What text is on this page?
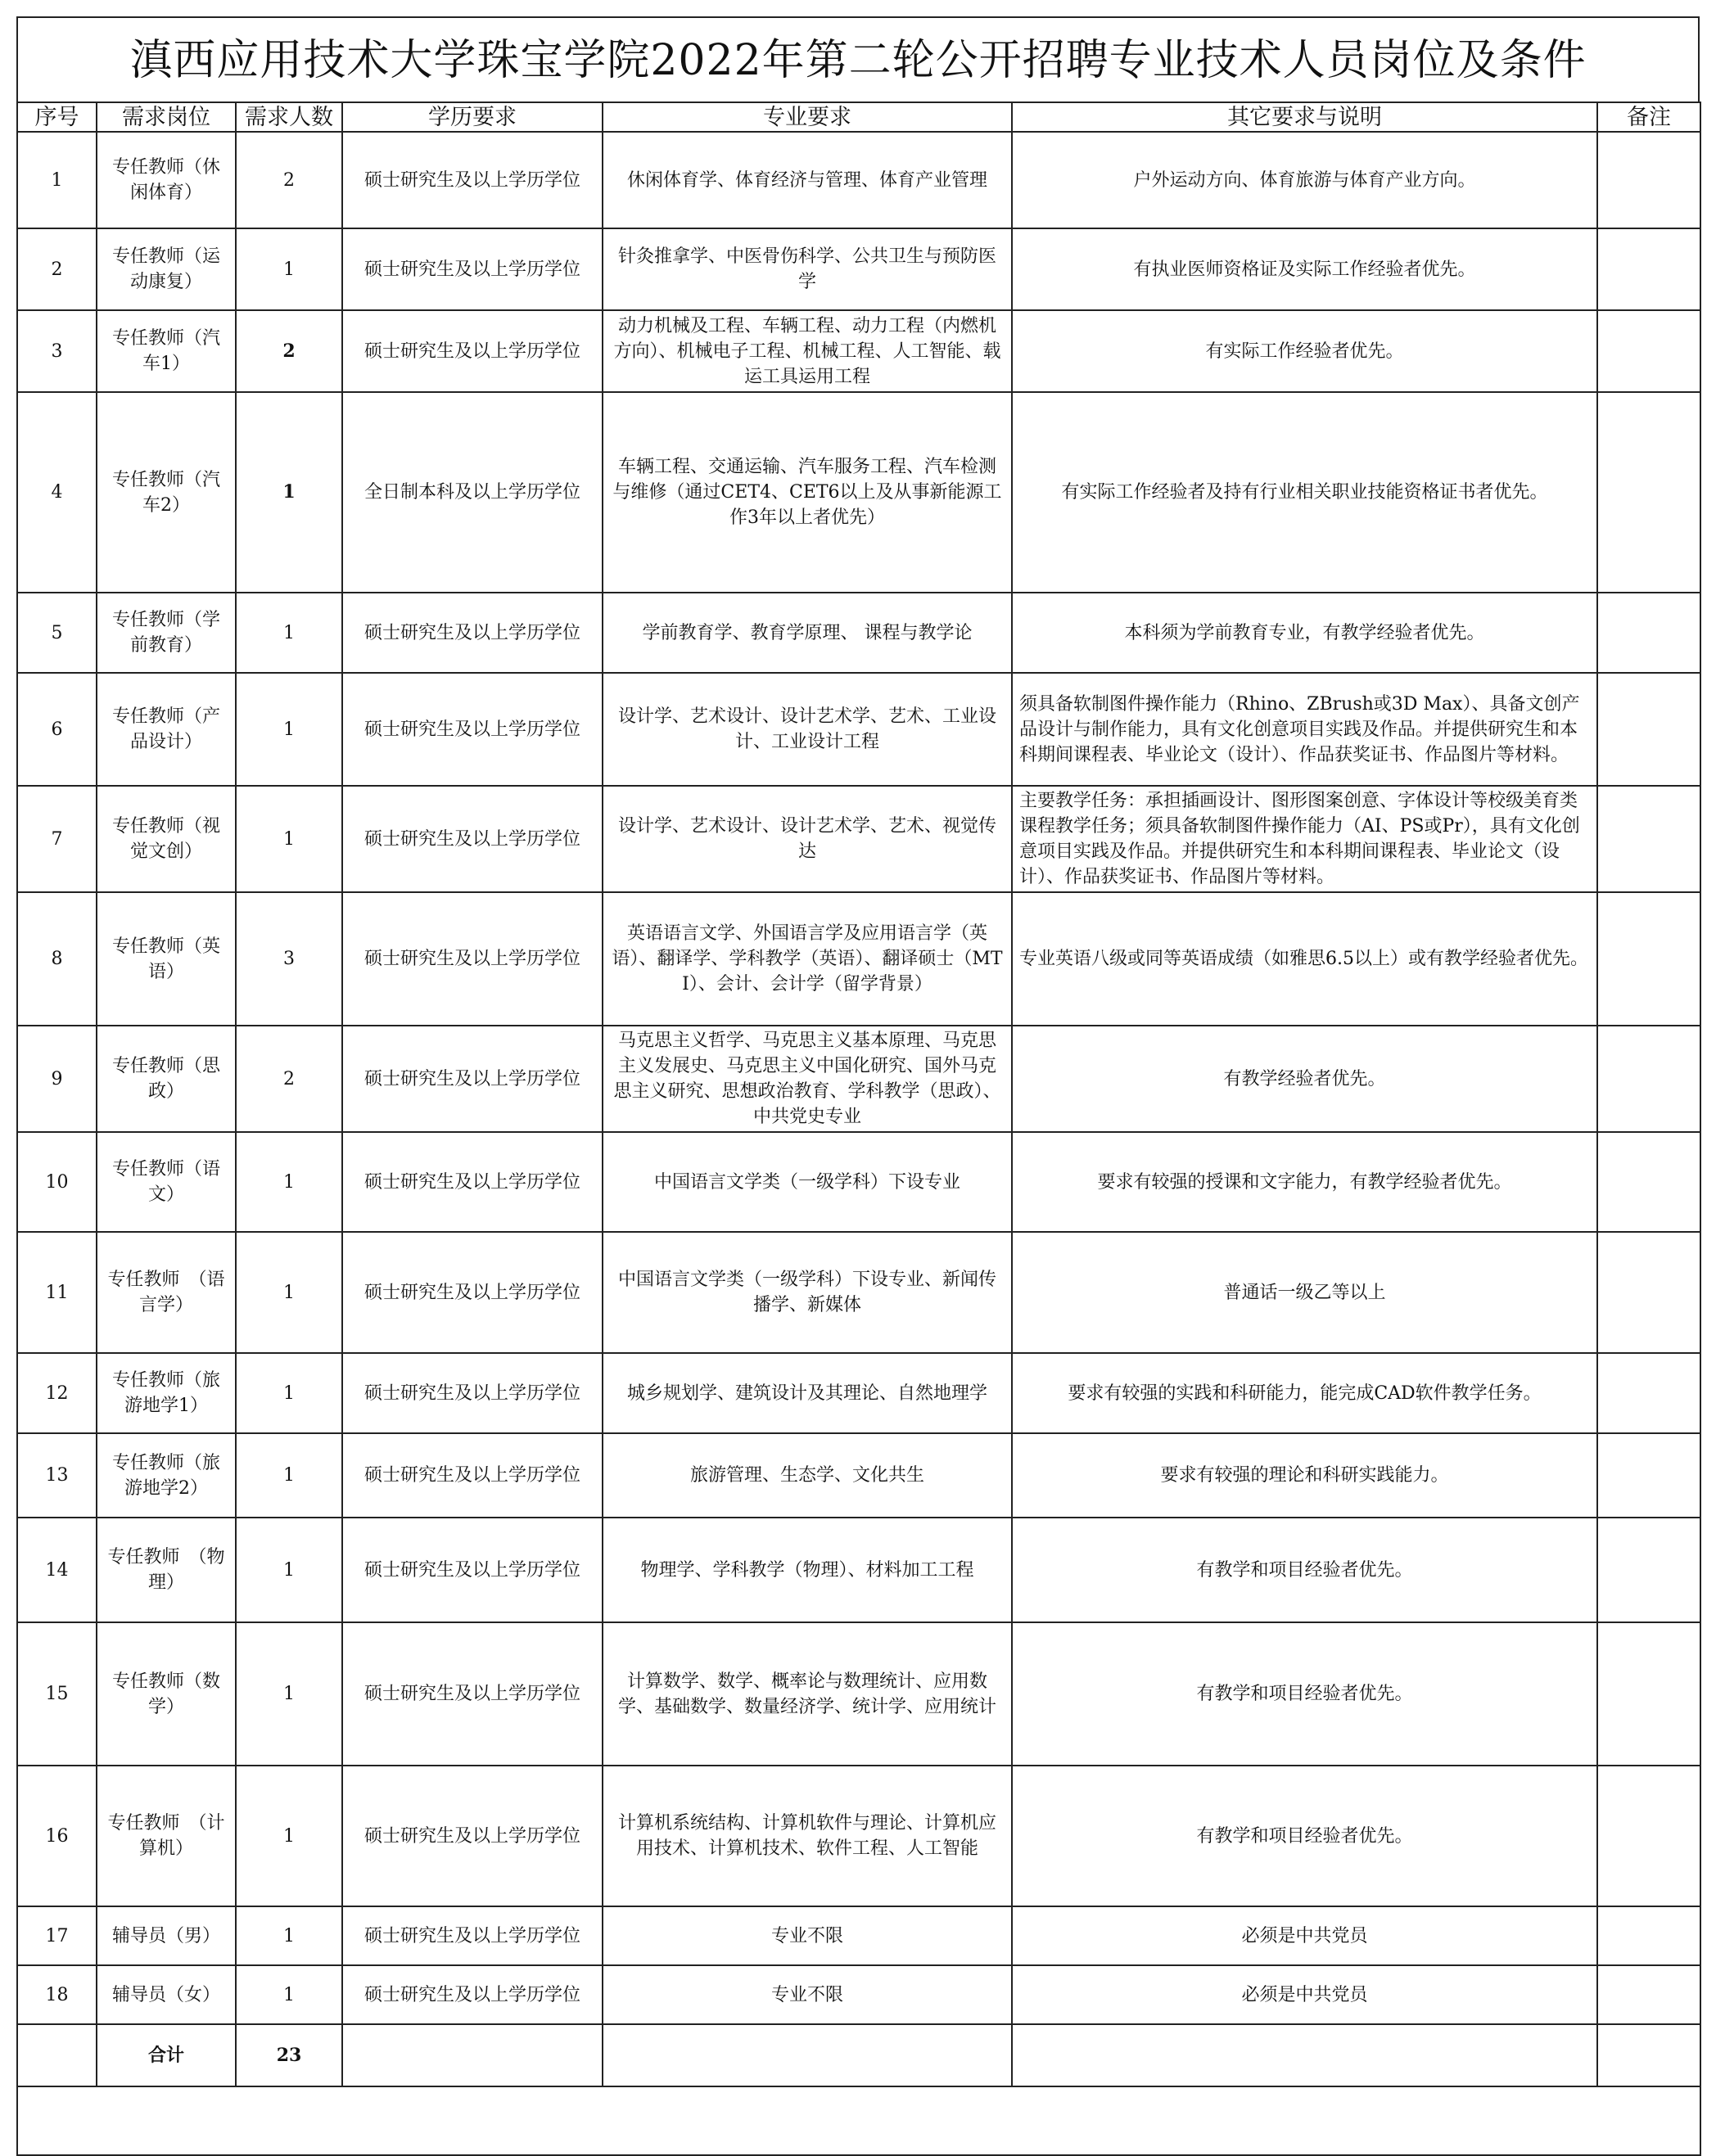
滇西应用技术大学珠宝学院2022年第二轮公开招聘专业技术人员岗位及条件
序号	需求岗位	需求人数	学历要求	专业要求	其它要求与说明	备注
1	专任教师（休闲体育）	2	硕士研究生及以上学历学位	休闲体育学、体育经济与管理、体育产业管理	户外运动方向、体育旅游与体育产业方向。	
2	专任教师（运动康复）	1	硕士研究生及以上学历学位	针灸推拿学、中医骨伤科学、公共卫生与预防医学	有执业医师资格证及实际工作经验者优先。	
3	专任教师（汽车1）	2	硕士研究生及以上学历学位	动力机械及工程、车辆工程、动力工程（内燃机方向）、机械电子工程、机械工程、人工智能、载运工具运用工程	有实际工作经验者优先。	
4	专任教师（汽车2）	1	全日制本科及以上学历学位	车辆工程、交通运输、汽车服务工程、汽车检测与维修（通过CET4、CET6以上及从事新能源工作3年以上者优先）	有实际工作经验者及持有行业相关职业技能资格证书者优先。	
5	专任教师（学前教育）	1	硕士研究生及以上学历学位	学前教育学、教育学原理、 课程与教学论	本科须为学前教育专业，有教学经验者优先。	
6	专任教师（产品设计）	1	硕士研究生及以上学历学位	设计学、艺术设计、设计艺术学、艺术、工业设计、工业设计工程	须具备软制图件操作能力（Rhino、ZBrush或3D Max）、具备文创产品设计与制作能力，具有文化创意项目实践及作品。并提供研究生和本科期间课程表、毕业论文（设计）、作品获奖证书、作品图片等材料。	
7	专任教师（视觉文创）	1	硕士研究生及以上学历学位	设计学、艺术设计、设计艺术学、艺术、视觉传达	主要教学任务：承担插画设计、图形图案创意、字体设计等校级美育类课程教学任务；须具备软制图件操作能力（AI、PS或Pr），具有文化创意项目实践及作品。并提供研究生和本科期间课程表、毕业论文（设计）、作品获奖证书、作品图片等材料。	
8	专任教师（英语）	3	硕士研究生及以上学历学位	英语语言文学、外国语言学及应用语言学（英语）、翻译学、学科教学（英语）、翻译硕士（MTI）、会计、会计学（留学背景）	专业英语八级或同等英语成绩（如雅思6.5以上）或有教学经验者优先。	
9	专任教师（思政）	2	硕士研究生及以上学历学位	马克思主义哲学、马克思主义基本原理、马克思主义发展史、马克思主义中国化研究、国外马克思主义研究、思想政治教育、学科教学（思政）、中共党史专业	有教学经验者优先。	
10	专任教师（语文）	1	硕士研究生及以上学历学位	中国语言文学类（一级学科）下设专业	要求有较强的授课和文字能力，有教学经验者优先。	
11	专任教师　（语言学）	1	硕士研究生及以上学历学位	中国语言文学类（一级学科）下设专业、新闻传播学、新媒体	普通话一级乙等以上	
12	专任教师（旅游地学1）	1	硕士研究生及以上学历学位	城乡规划学、建筑设计及其理论、自然地理学	要求有较强的实践和科研能力，能完成CAD软件教学任务。	
13	专任教师（旅游地学2）	1	硕士研究生及以上学历学位	旅游管理、生态学、文化共生	要求有较强的理论和科研实践能力。	
14	专任教师　（物理）	1	硕士研究生及以上学历学位	物理学、学科教学（物理）、材料加工工程	有教学和项目经验者优先。	
15	专任教师（数学）	1	硕士研究生及以上学历学位	计算数学、数学、概率论与数理统计、应用数学、基础数学、数量经济学、统计学、应用统计	有教学和项目经验者优先。	
16	专任教师　（计算机）	1	硕士研究生及以上学历学位	计算机系统结构、计算机软件与理论、计算机应用技术、计算机技术、软件工程、人工智能	有教学和项目经验者优先。	
17	辅导员（男）	1	硕士研究生及以上学历学位	专业不限	必须是中共党员	
18	辅导员（女）	1	硕士研究生及以上学历学位	专业不限	必须是中共党员	
	合计	23				
